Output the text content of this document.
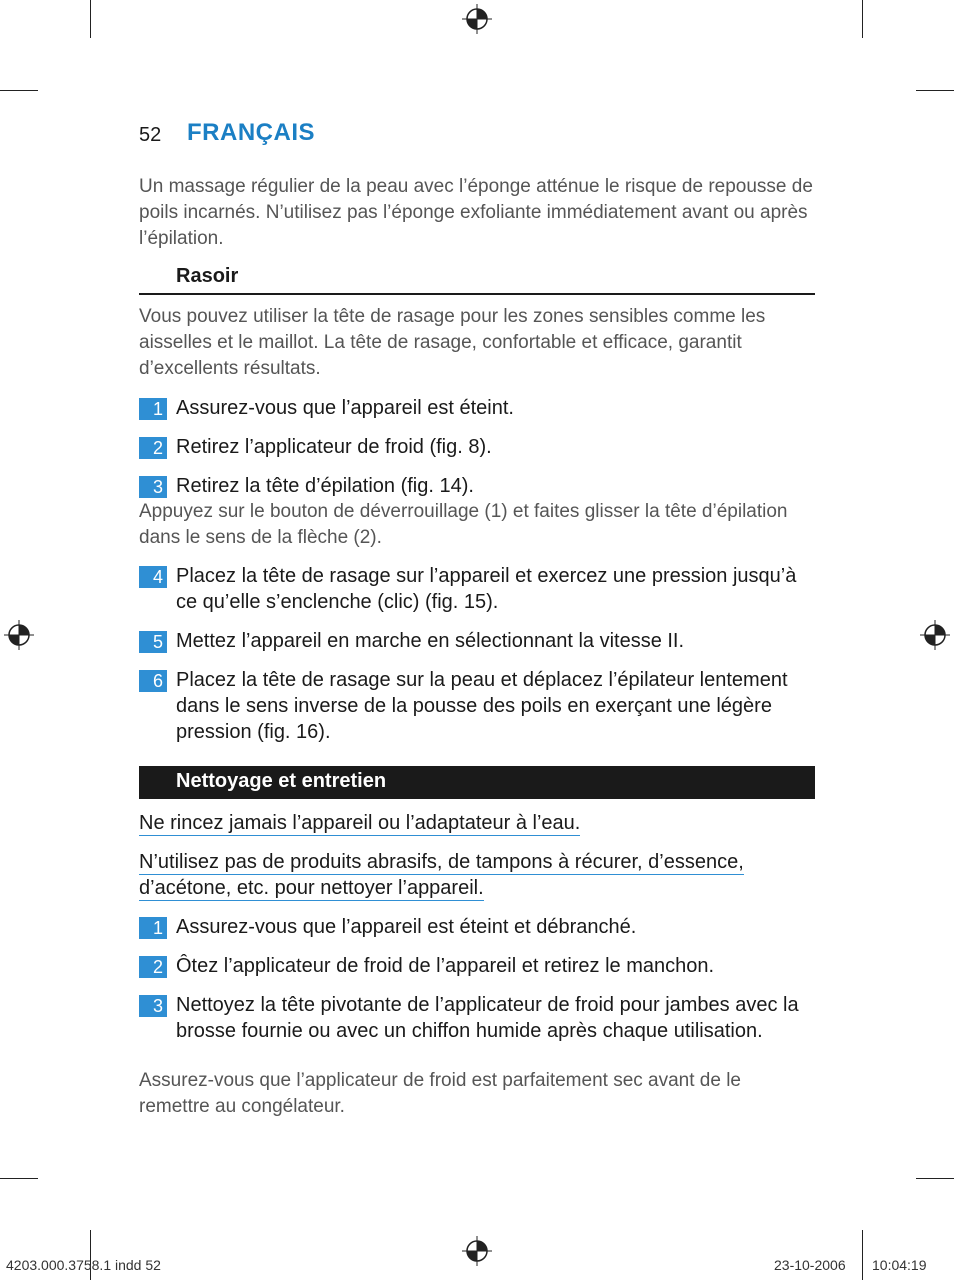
52 FRANÇAIS
Un massage régulier de la peau avec l’éponge atténue le risque de repousse de poils incarnés. N’utilisez pas l’éponge exfoliante immédiatement avant ou après l’épilation.
Rasoir
Vous pouvez utiliser la tête de rasage pour les zones sensibles comme les aisselles et le maillot. La tête de rasage, confortable et efficace, garantit d’excellents résultats.
1 Assurez-vous que l’appareil est éteint.
2 Retirez l’applicateur de froid (fig. 8).
3 Retirez la tête d’épilation (fig. 14).
Appuyez sur le bouton de déverrouillage (1) et faites glisser la tête d’épilation dans le sens de la flèche (2).
4 Placez la tête de rasage sur l’appareil et exercez une pression jusqu’à ce qu’elle s’enclenche (clic) (fig. 15).
5 Mettez l’appareil en marche en sélectionnant la vitesse II.
6 Placez la tête de rasage sur la peau et déplacez l’épilateur lentement dans le sens inverse de la pousse des poils en exerçant une légère pression (fig. 16).
Nettoyage et entretien
Ne rincez jamais l’appareil ou l’adaptateur à l’eau.
N’utilisez pas de produits abrasifs, de tampons à récurer, d’essence, d’acétone, etc. pour nettoyer l’appareil.
1 Assurez-vous que l’appareil est éteint et débranché.
2 Ôtez l’applicateur de froid de l’appareil et retirez le manchon.
3 Nettoyez la tête pivotante de l’applicateur de froid pour jambes avec la brosse fournie ou avec un chiffon humide après chaque utilisation.
Assurez-vous que l’applicateur de froid est parfaitement sec avant de le remettre au congélateur.
4203.000.3758.1 indd 52	23-10-2006 10:04:19
